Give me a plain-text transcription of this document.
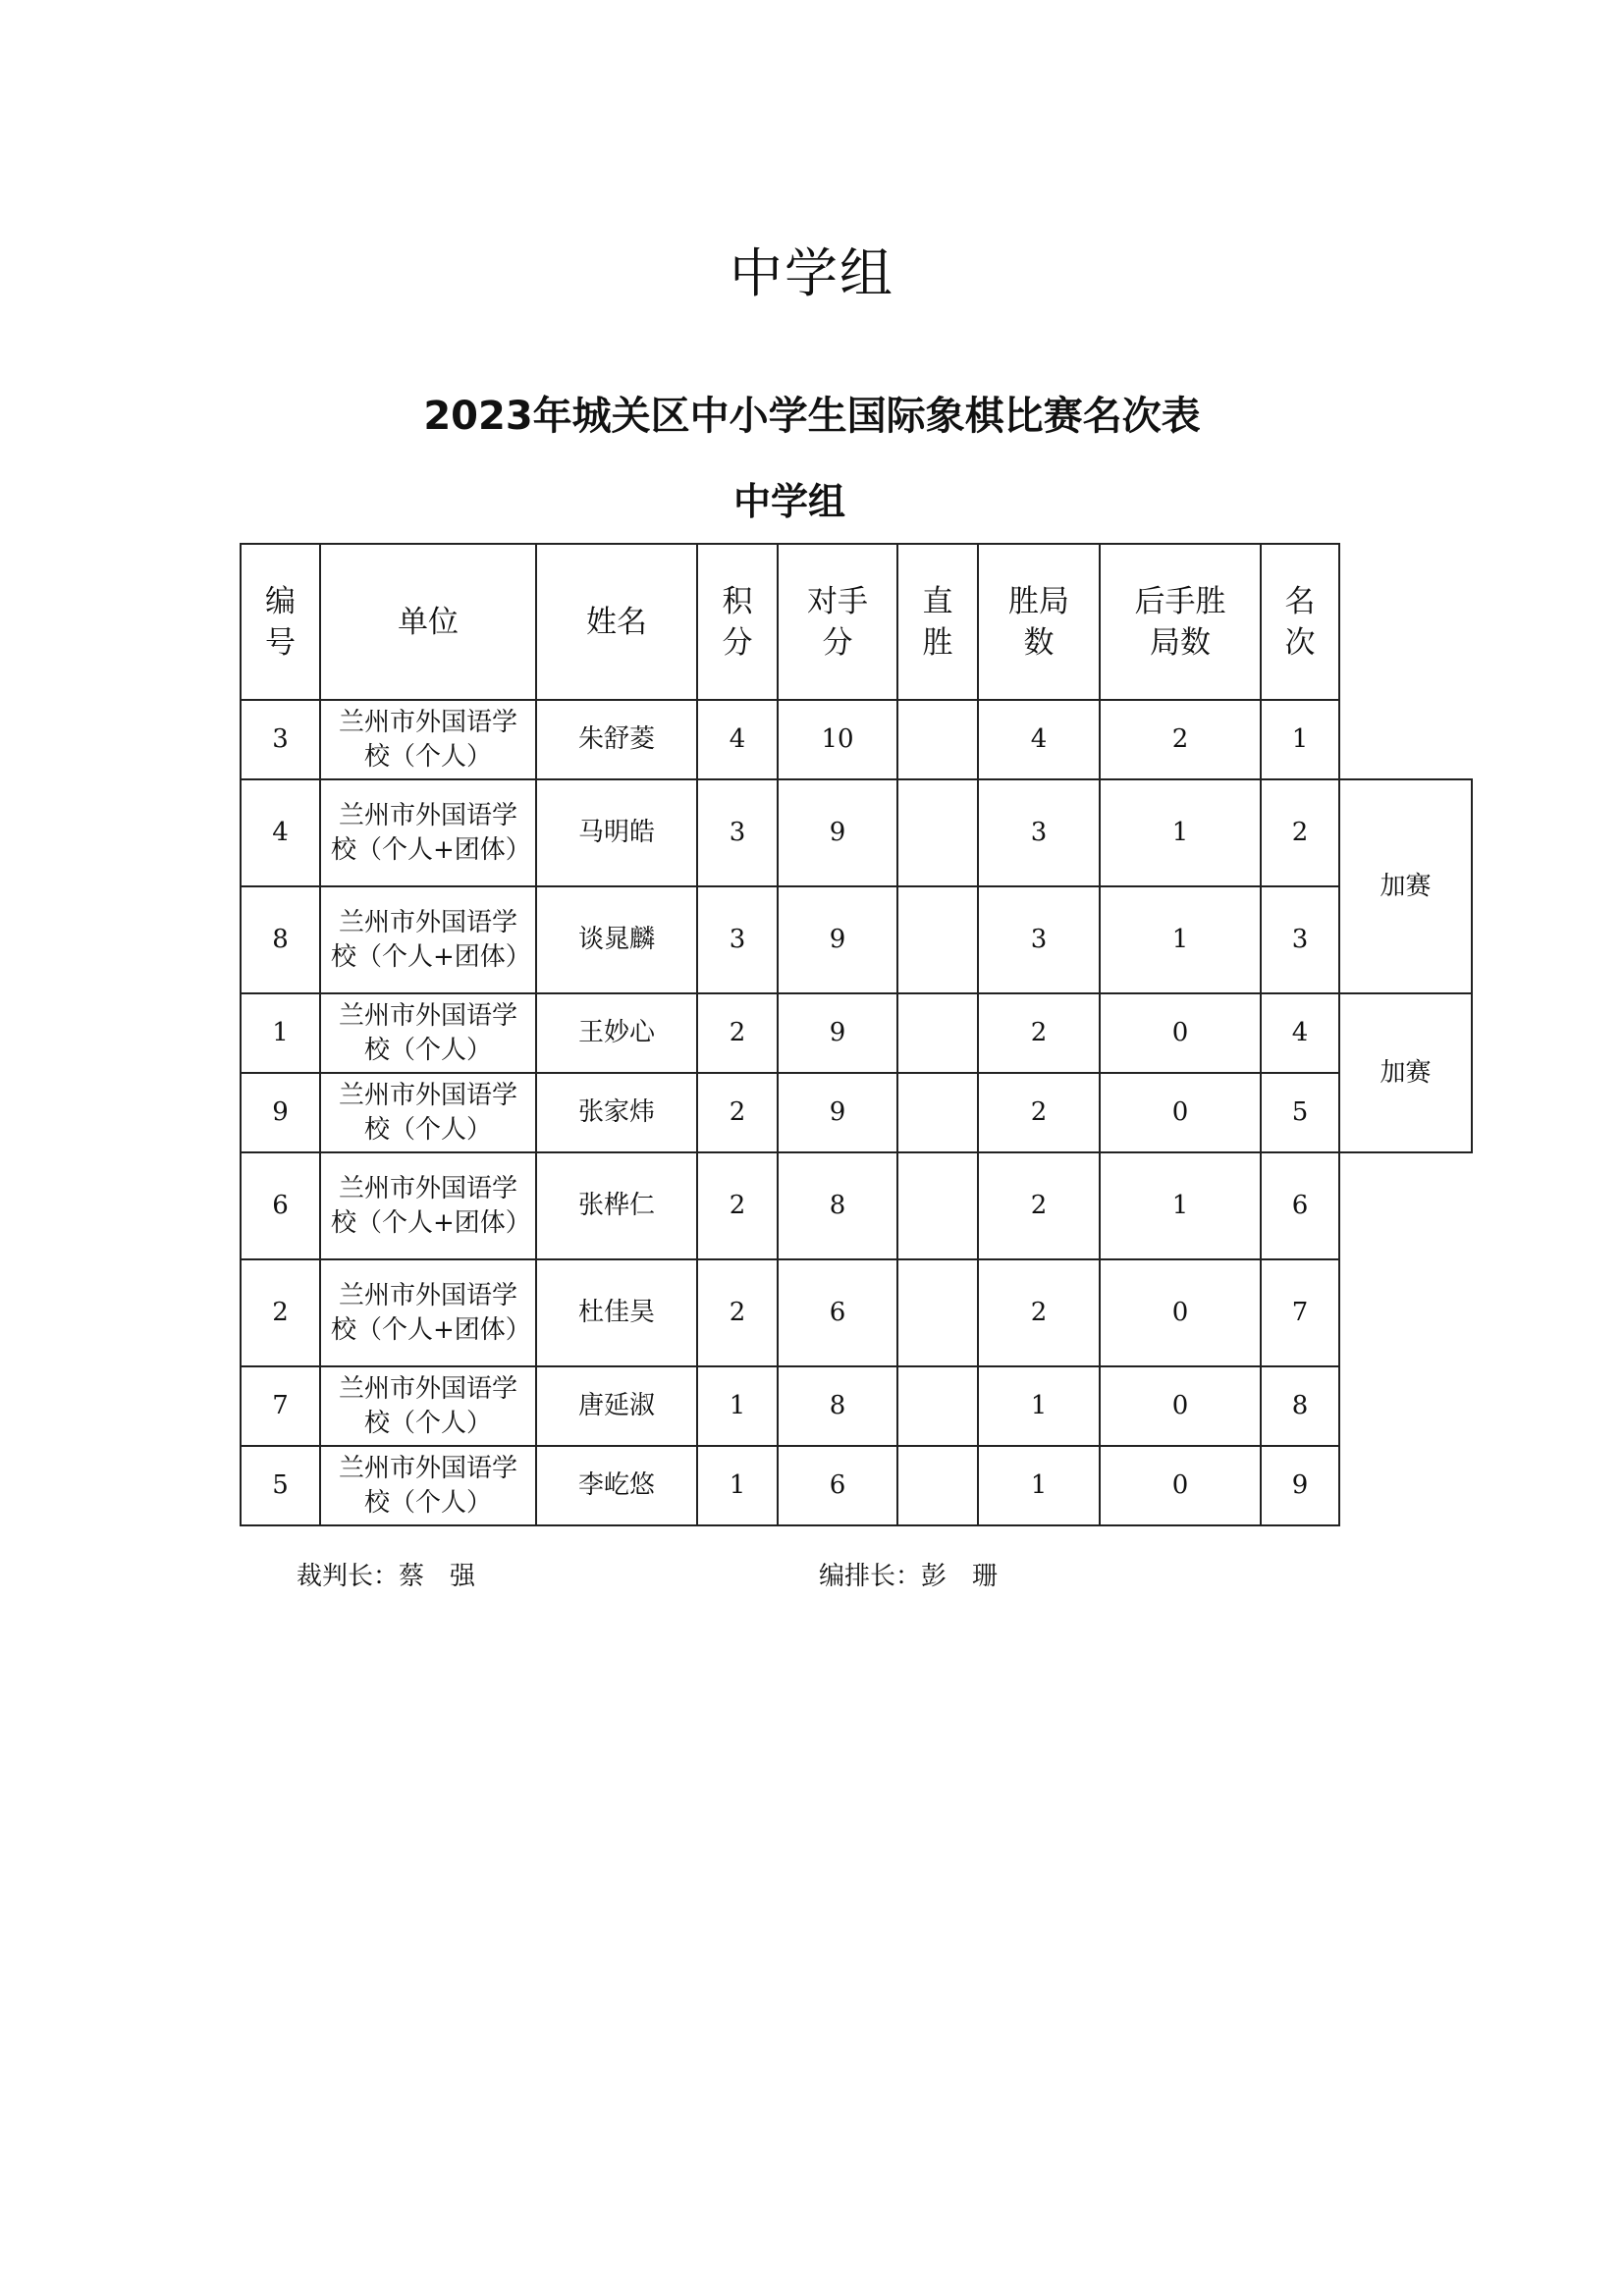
中学组
2023年城关区中小学生国际象棋比赛名次表
中学组
编号	单位	姓名	积分	对手分	直胜	胜局数	后手胜局数	名次	
3	兰州市外国语学校（个人）	朱舒菱	4	10		4	2	1	
4	兰州市外国语学校（个人+团体）	马明皓	3	9		3	1	2	加赛
8	兰州市外国语学校（个人+团体）	谈晁麟	3	9		3	1	3	
1	兰州市外国语学校（个人）	王妙心	2	9		2	0	4	加赛
9	兰州市外国语学校（个人）	张家炜	2	9		2	0	5	
6	兰州市外国语学校（个人+团体）	张桦仁	2	8		2	1	6	
2	兰州市外国语学校（个人+团体）	杜佳昊	2	6		2	0	7	
7	兰州市外国语学校（个人）	唐延淑	1	8		1	0	8	
5	兰州市外国语学校（个人）	李屹悠	1	6		1	0	9	
裁判长：蔡　强	编排长：彭　珊
